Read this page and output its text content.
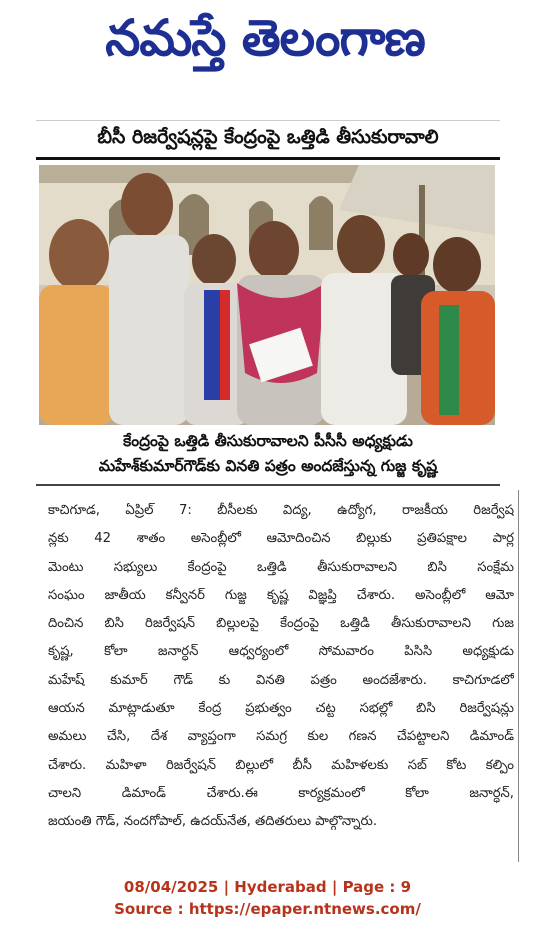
నమస్తే తెలంగాణ
బీసీ రిజర్వేషన్లపై కేంద్రంపై ఒత్తిడి తీసుకురావాలి
కేంద్రంపై ఒత్తిడి తీసుకురావాలని పీసీసీ అధ్యక్షుడు
మహేశ్‌కుమార్‌గౌడ్‌కు వినతి పత్రం అందజేస్తున్న గుజ్జ కృష్ణ
కాచిగూడ, ఏప్రిల్ 7: బీసీలకు విద్య, ఉద్యోగ, రాజకీయ రిజర్వేష
న్లకు 42 శాతం అసెంబ్లీలో ఆమోదించిన బిల్లుకు ప్రతిపక్షాల పార్ల
మెంటు సభ్యులు కేంద్రంపై ఒత్తిడి తీసుకురావాలని బిసి సంక్షేమ
సంఘం జాతీయ కన్వీనర్ గుజ్జ కృష్ణ విజ్ఞప్తి చేశారు. అసెంబ్లీలో ఆమో
దించిన బిసి రిజర్వేషన్ బిల్లులపై కేంద్రంపై ఒత్తిడి తీసుకురావాలని గుజ
కృష్ణ, కోలా జనార్ధన్ ఆధ్వర్యంలో సోమవారం పిసిసి అధ్యక్షుడు
మహేష్ కుమార్ గౌడ్ కు వినతి పత్రం అందజేశారు. కాచిగూడలో
ఆయన మాట్లాడుతూ కేంద్ర ప్రభుత్వం చట్ట సభల్లో బిసి రిజర్వేషన్లు
అమలు చేసి, దేశ వ్యాప్తంగా సమగ్ర కుల గణన చేపట్టాలని డిమాండ్
చేశారు. మహిళా రిజర్వేషన్ బిల్లులో బీసీ మహిళలకు సబ్ కోట కల్పిం
చాలని డిమాండ్ చేశారు.ఈ కార్యక్రమంలో కోలా జనార్ధన్,
జయంతి గౌడ్, నందగోపాల్, ఉదయ్‌నేత, తదితరులు పాల్గొన్నారు.
08/04/2025 | Hyderabad | Page : 9
Source : https://epaper.ntnews.com/
